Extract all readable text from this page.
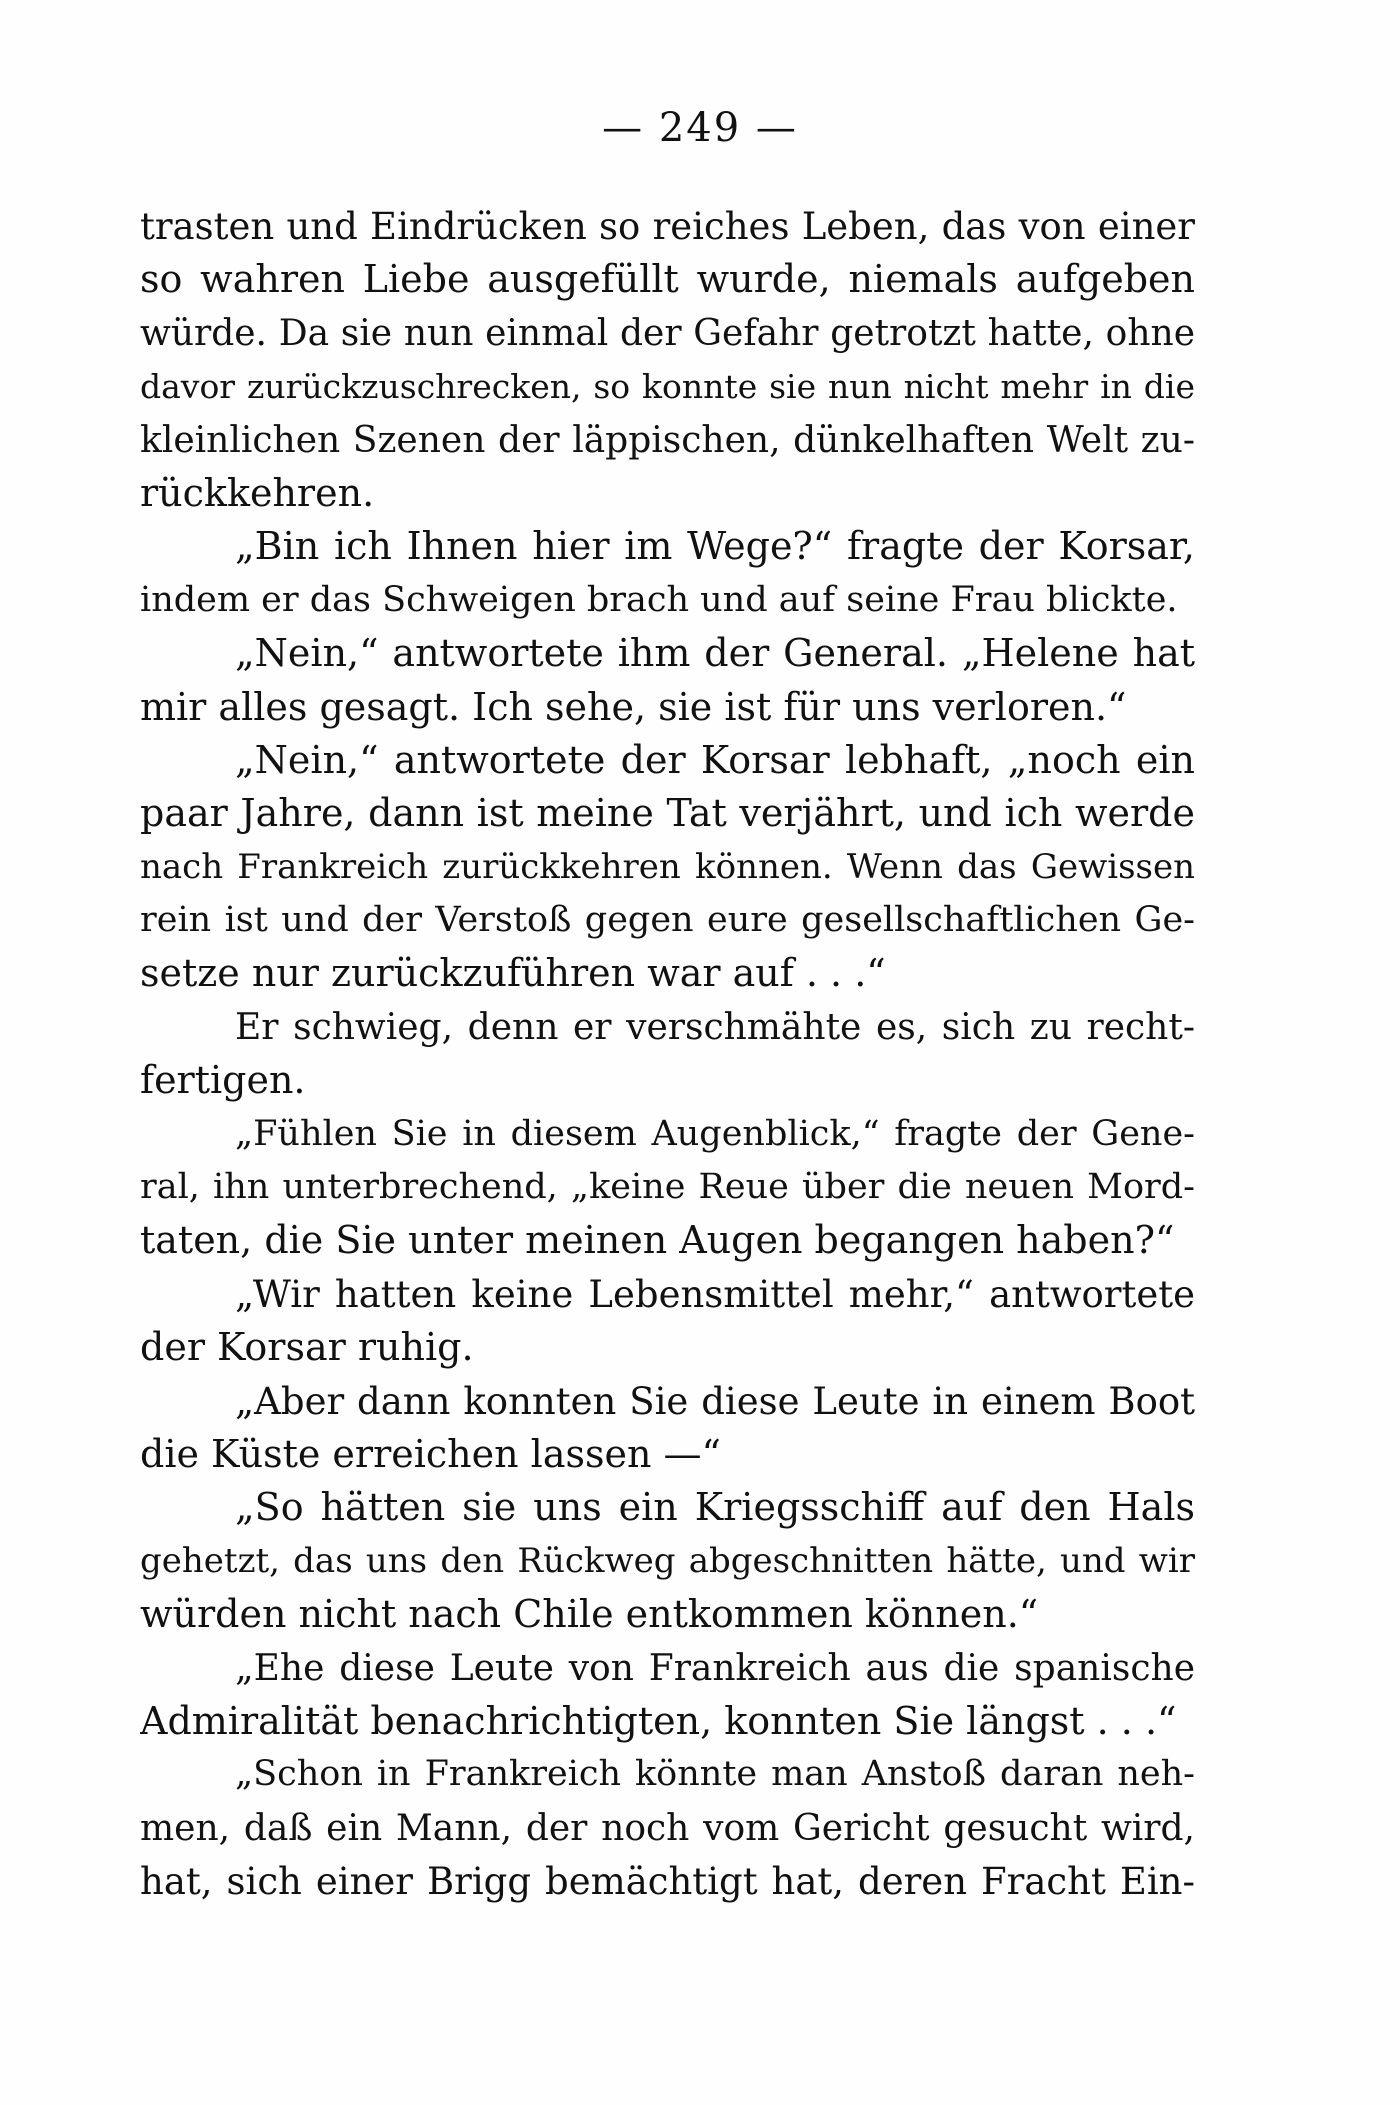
— 249 —
trasten und Eindrücken so reiches Leben, das von einer
so wahren Liebe ausgefüllt wurde, niemals aufgeben
würde. Da sie nun einmal der Gefahr getrotzt hatte, ohne
davor zurückzuschrecken, so konnte sie nun nicht mehr in die
kleinlichen Szenen der läppischen, dünkelhaften Welt zu-
rückkehren.
„Bin ich Ihnen hier im Wege?“ fragte der Korsar,
indem er das Schweigen brach und auf seine Frau blickte.
„Nein,“ antwortete ihm der General. „Helene hat
mir alles gesagt. Ich sehe, sie ist für uns verloren.“
„Nein,“ antwortete der Korsar lebhaft, „noch ein
paar Jahre, dann ist meine Tat verjährt, und ich werde
nach Frankreich zurückkehren können. Wenn das Gewissen
rein ist und der Verstoß gegen eure gesellschaftlichen Ge-
setze nur zurückzuführen war auf . . .“
Er schwieg, denn er verschmähte es, sich zu recht-
fertigen.
„Fühlen Sie in diesem Augenblick,“ fragte der Gene-
ral, ihn unterbrechend, „keine Reue über die neuen Mord-
taten, die Sie unter meinen Augen begangen haben?“
„Wir hatten keine Lebensmittel mehr,“ antwortete
der Korsar ruhig.
„Aber dann konnten Sie diese Leute in einem Boot
die Küste erreichen lassen —“
„So hätten sie uns ein Kriegsschiff auf den Hals
gehetzt, das uns den Rückweg abgeschnitten hätte, und wir
würden nicht nach Chile entkommen können.“
„Ehe diese Leute von Frankreich aus die spanische
Admiralität benachrichtigten, konnten Sie längst . . .“
„Schon in Frankreich könnte man Anstoß daran neh-
men, daß ein Mann, der noch vom Gericht gesucht wird,
hat, sich einer Brigg bemächtigt hat, deren Fracht Ein-
